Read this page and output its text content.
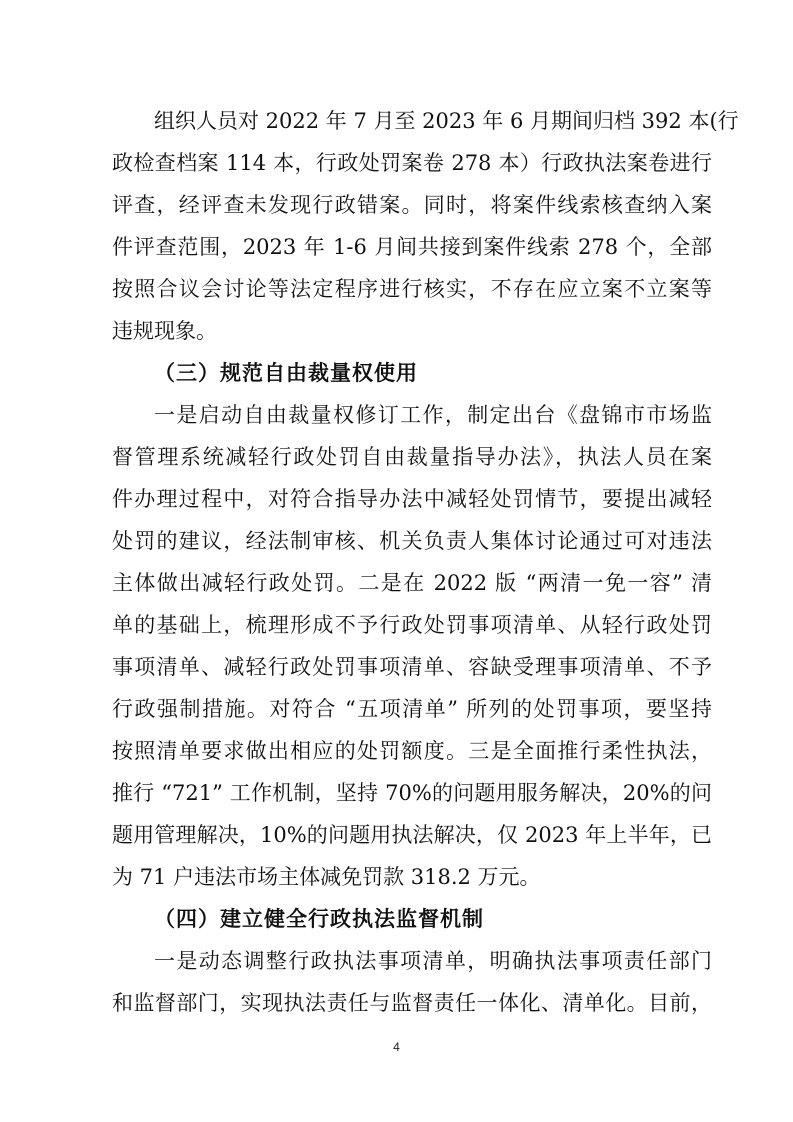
组织人员对 2022 年 7 月至 2023 年 6 月期间归档 392 本(行
政检查档案 114 本，行政处罚案卷 278 本）行政执法案卷进行
评查，经评查未发现行政错案。同时，将案件线索核查纳入案
件评查范围，2023 年 1-6 月间共接到案件线索 278 个，全部
按照合议会讨论等法定程序进行核实，不存在应立案不立案等
违规现象。
（三）规范自由裁量权使用
一是启动自由裁量权修订工作，制定出台《盘锦市市场监
督管理系统减轻行政处罚自由裁量指导办法》，执法人员在案
件办理过程中，对符合指导办法中减轻处罚情节，要提出减轻
处罚的建议，经法制审核、机关负责人集体讨论通过可对违法
主体做出减轻行政处罚。二是在 2022 版 “两清一免一容” 清
单的基础上，梳理形成不予行政处罚事项清单、从轻行政处罚
事项清单、减轻行政处罚事项清单、容缺受理事项清单、不予
行政强制措施。对符合 “五项清单” 所列的处罚事项，要坚持
按照清单要求做出相应的处罚额度。三是全面推行柔性执法，
推行 “721” 工作机制，坚持 70%的问题用服务解决，20%的问
题用管理解决，10%的问题用执法解决，仅 2023 年上半年，已
为 71 户违法市场主体减免罚款 318.2 万元。
（四）建立健全行政执法监督机制
一是动态调整行政执法事项清单，明确执法事项责任部门
和监督部门，实现执法责任与监督责任一体化、清单化。目前，
4
